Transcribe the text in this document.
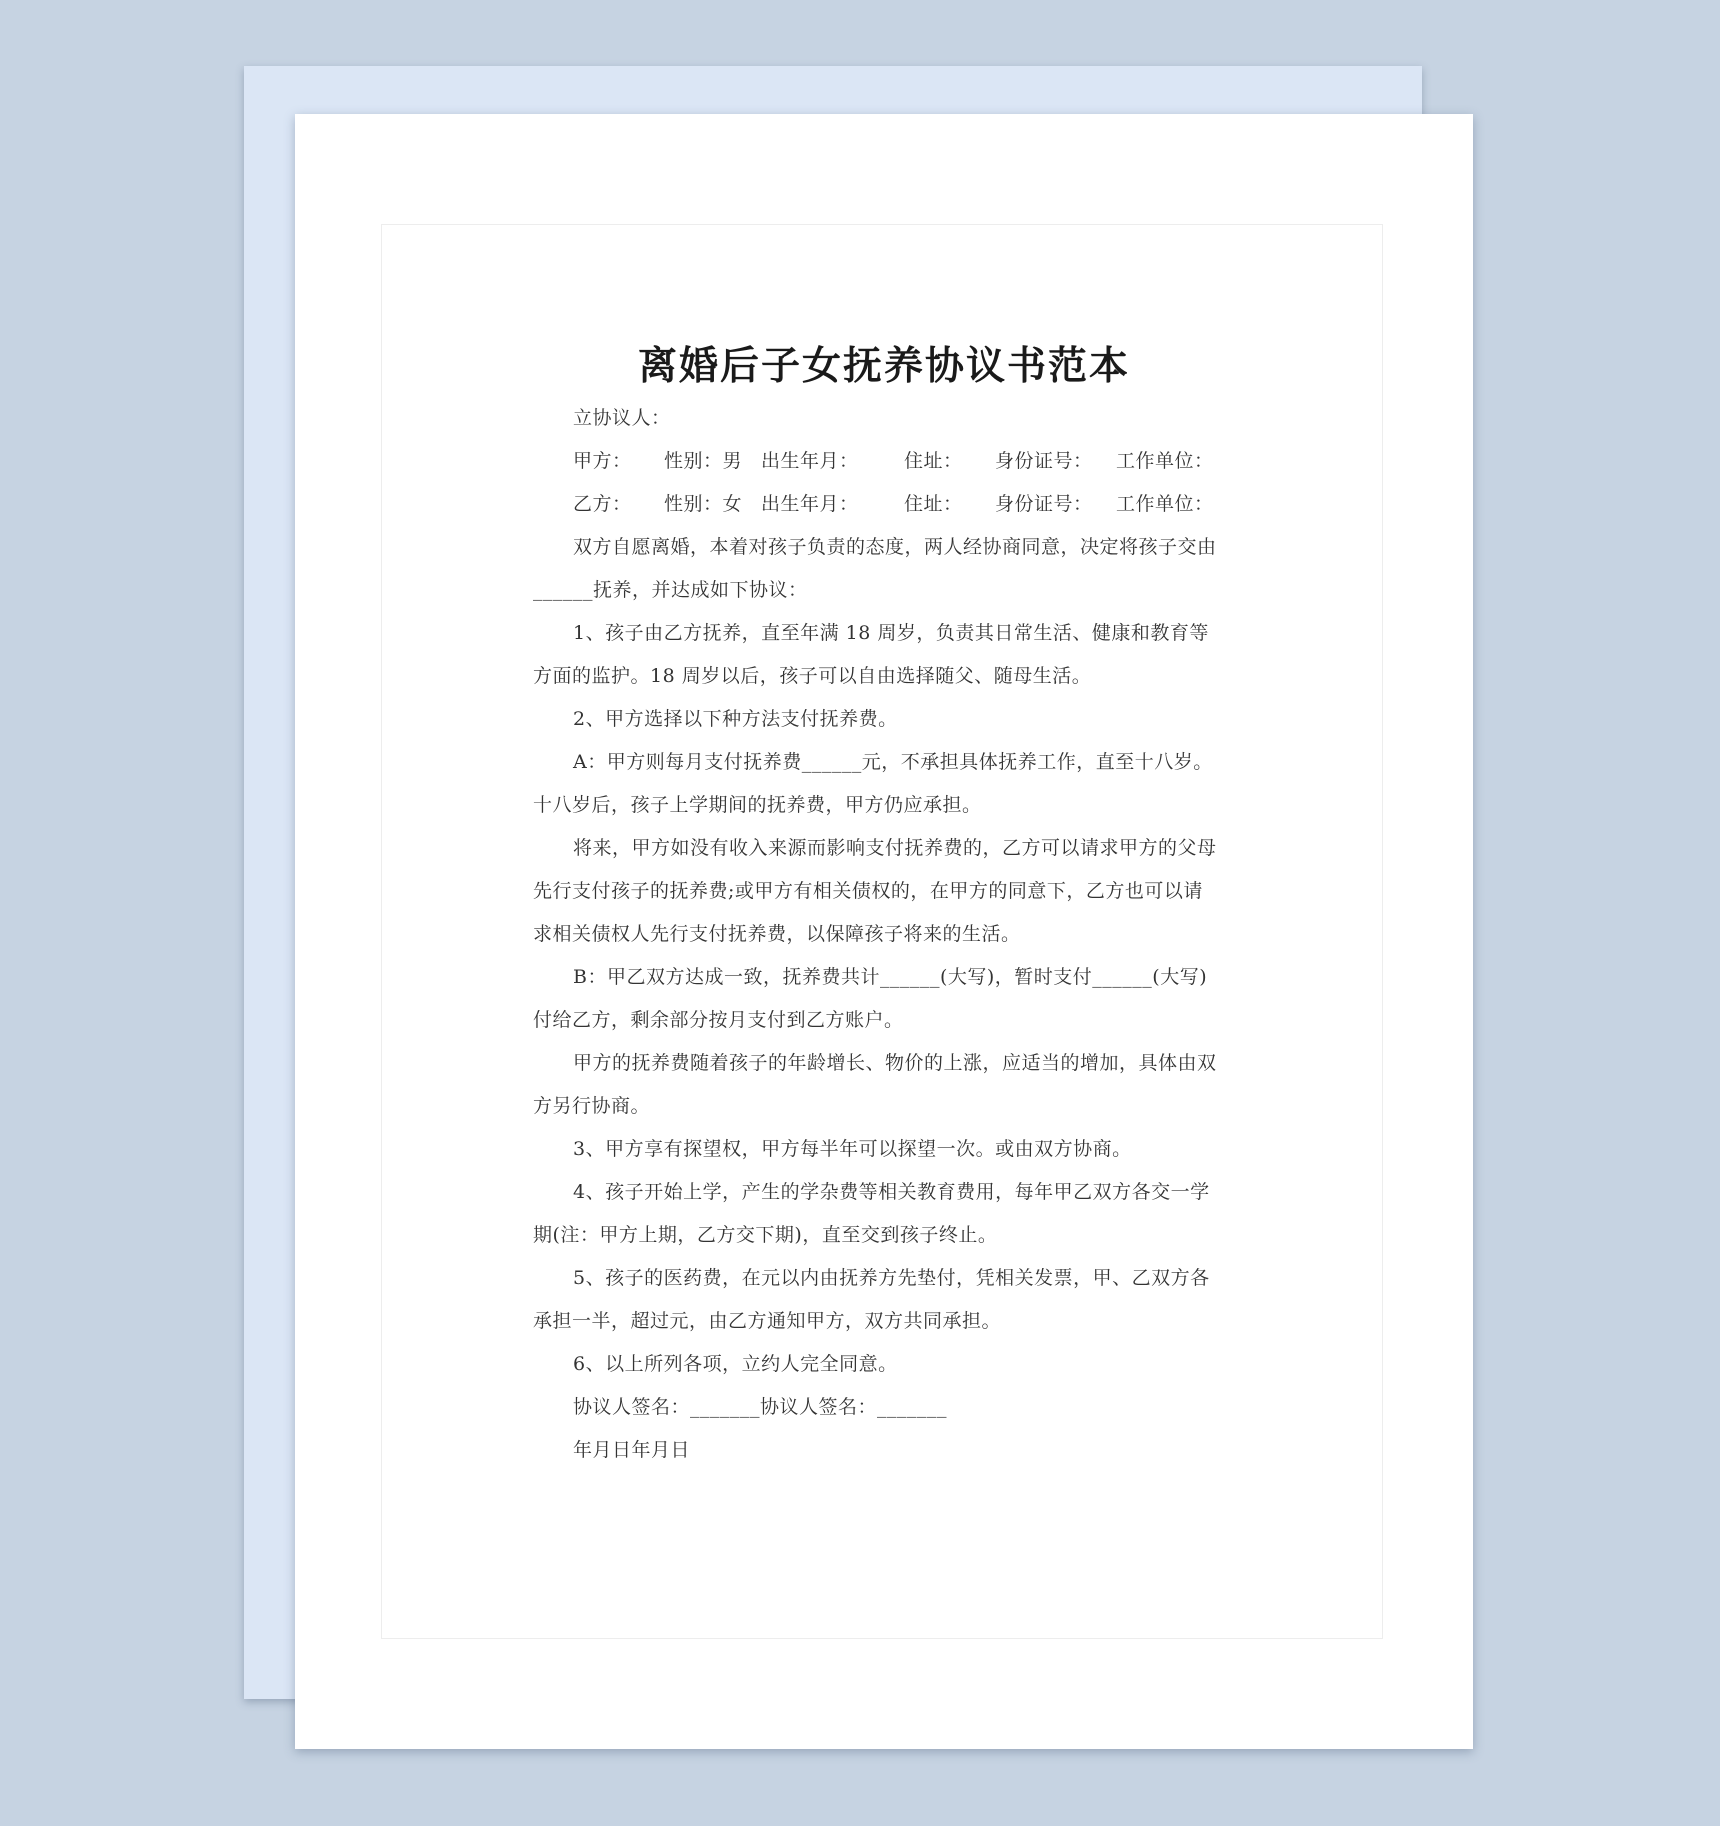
离婚后子女抚养协议书范本
立协议人：
甲方： 性别：男 出生年月： 住址： 身份证号： 工作单位：
乙方： 性别：女 出生年月： 住址： 身份证号： 工作单位：
双方自愿离婚，本着对孩子负责的态度，两人经协商同意，决定将孩子交由
______抚养，并达成如下协议：
1、孩子由乙方抚养，直至年满 18 周岁，负责其日常生活、健康和教育等
方面的监护。18 周岁以后，孩子可以自由选择随父、随母生活。
2、甲方选择以下种方法支付抚养费。
A：甲方则每月支付抚养费______元，不承担具体抚养工作，直至十八岁。
十八岁后，孩子上学期间的抚养费，甲方仍应承担。
将来，甲方如没有收入来源而影响支付抚养费的，乙方可以请求甲方的父母
先行支付孩子的抚养费;或甲方有相关债权的，在甲方的同意下，乙方也可以请
求相关债权人先行支付抚养费，以保障孩子将来的生活。
B：甲乙双方达成一致，抚养费共计______(大写)，暂时支付______(大写)
付给乙方，剩余部分按月支付到乙方账户。
甲方的抚养费随着孩子的年龄增长、物价的上涨，应适当的增加，具体由双
方另行协商。
3、甲方享有探望权，甲方每半年可以探望一次。或由双方协商。
4、孩子开始上学，产生的学杂费等相关教育费用，每年甲乙双方各交一学
期(注：甲方上期，乙方交下期)，直至交到孩子终止。
5、孩子的医药费，在元以内由抚养方先垫付，凭相关发票，甲、乙双方各
承担一半，超过元，由乙方通知甲方，双方共同承担。
6、以上所列各项，立约人完全同意。
协议人签名：_______协议人签名：_______
年月日年月日
